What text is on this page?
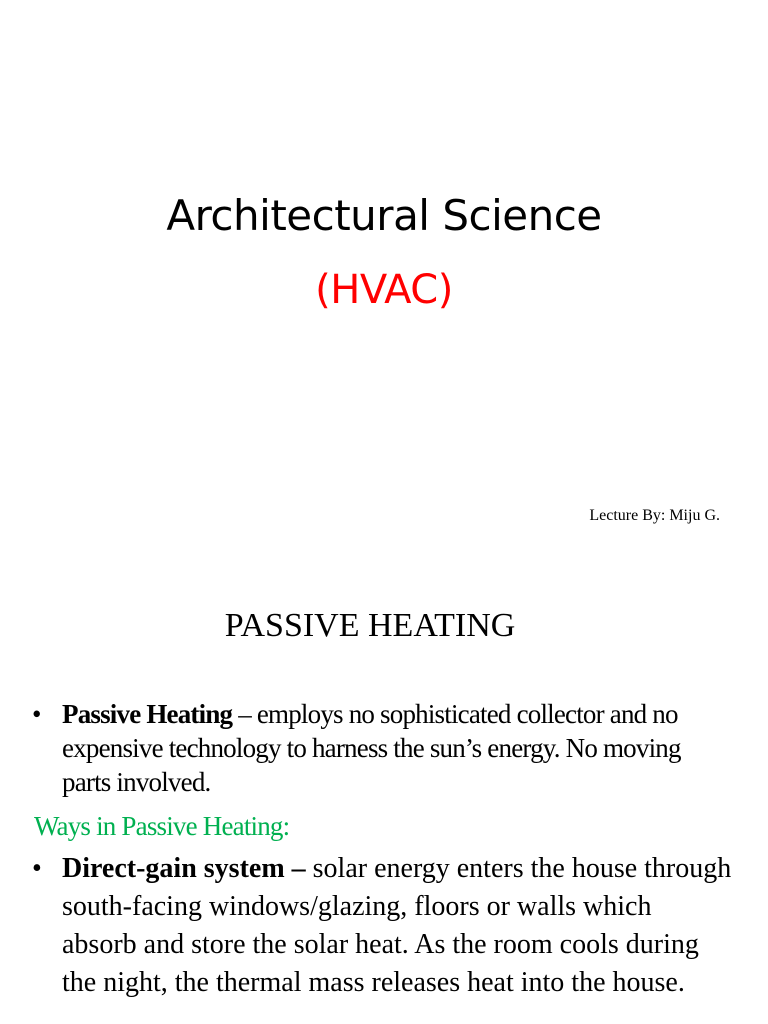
Architectural Science
(HVAC)
Lecture By: Miju G.
PASSIVE HEATING
• Passive Heating – employs no sophisticated collector and no expensive technology to harness the sun’s energy. No moving parts involved.
Ways in Passive Heating:
• Direct-gain system – solar energy enters the house through south-facing windows/glazing, floors or walls which absorb and store the solar heat. As the room cools during the night, the thermal mass releases heat into the house.
